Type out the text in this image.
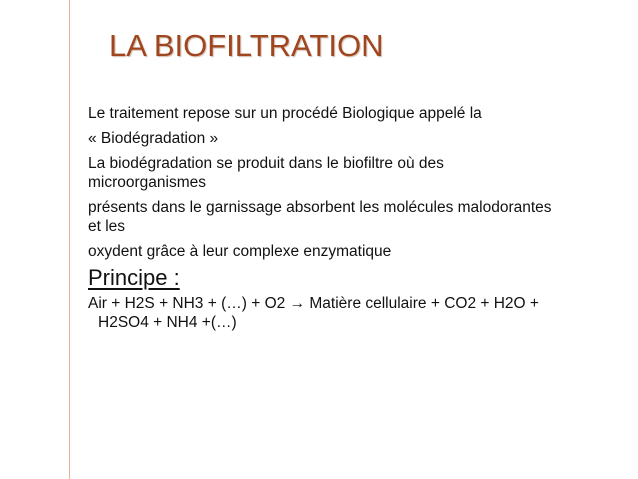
LA BIOFILTRATION
Le traitement repose sur un procédé Biologique appelé la
« Biodégradation »
La biodégradation se produit dans le biofiltre où des
microorganismes
présents dans le garnissage absorbent les molécules malodorantes
et les
oxydent grâce à leur complexe enzymatique
Principe :
Air + H2S + NH3 + (…) + O2 → Matière cellulaire + CO2 + H2O +
H2SO4 + NH4 +(…)
